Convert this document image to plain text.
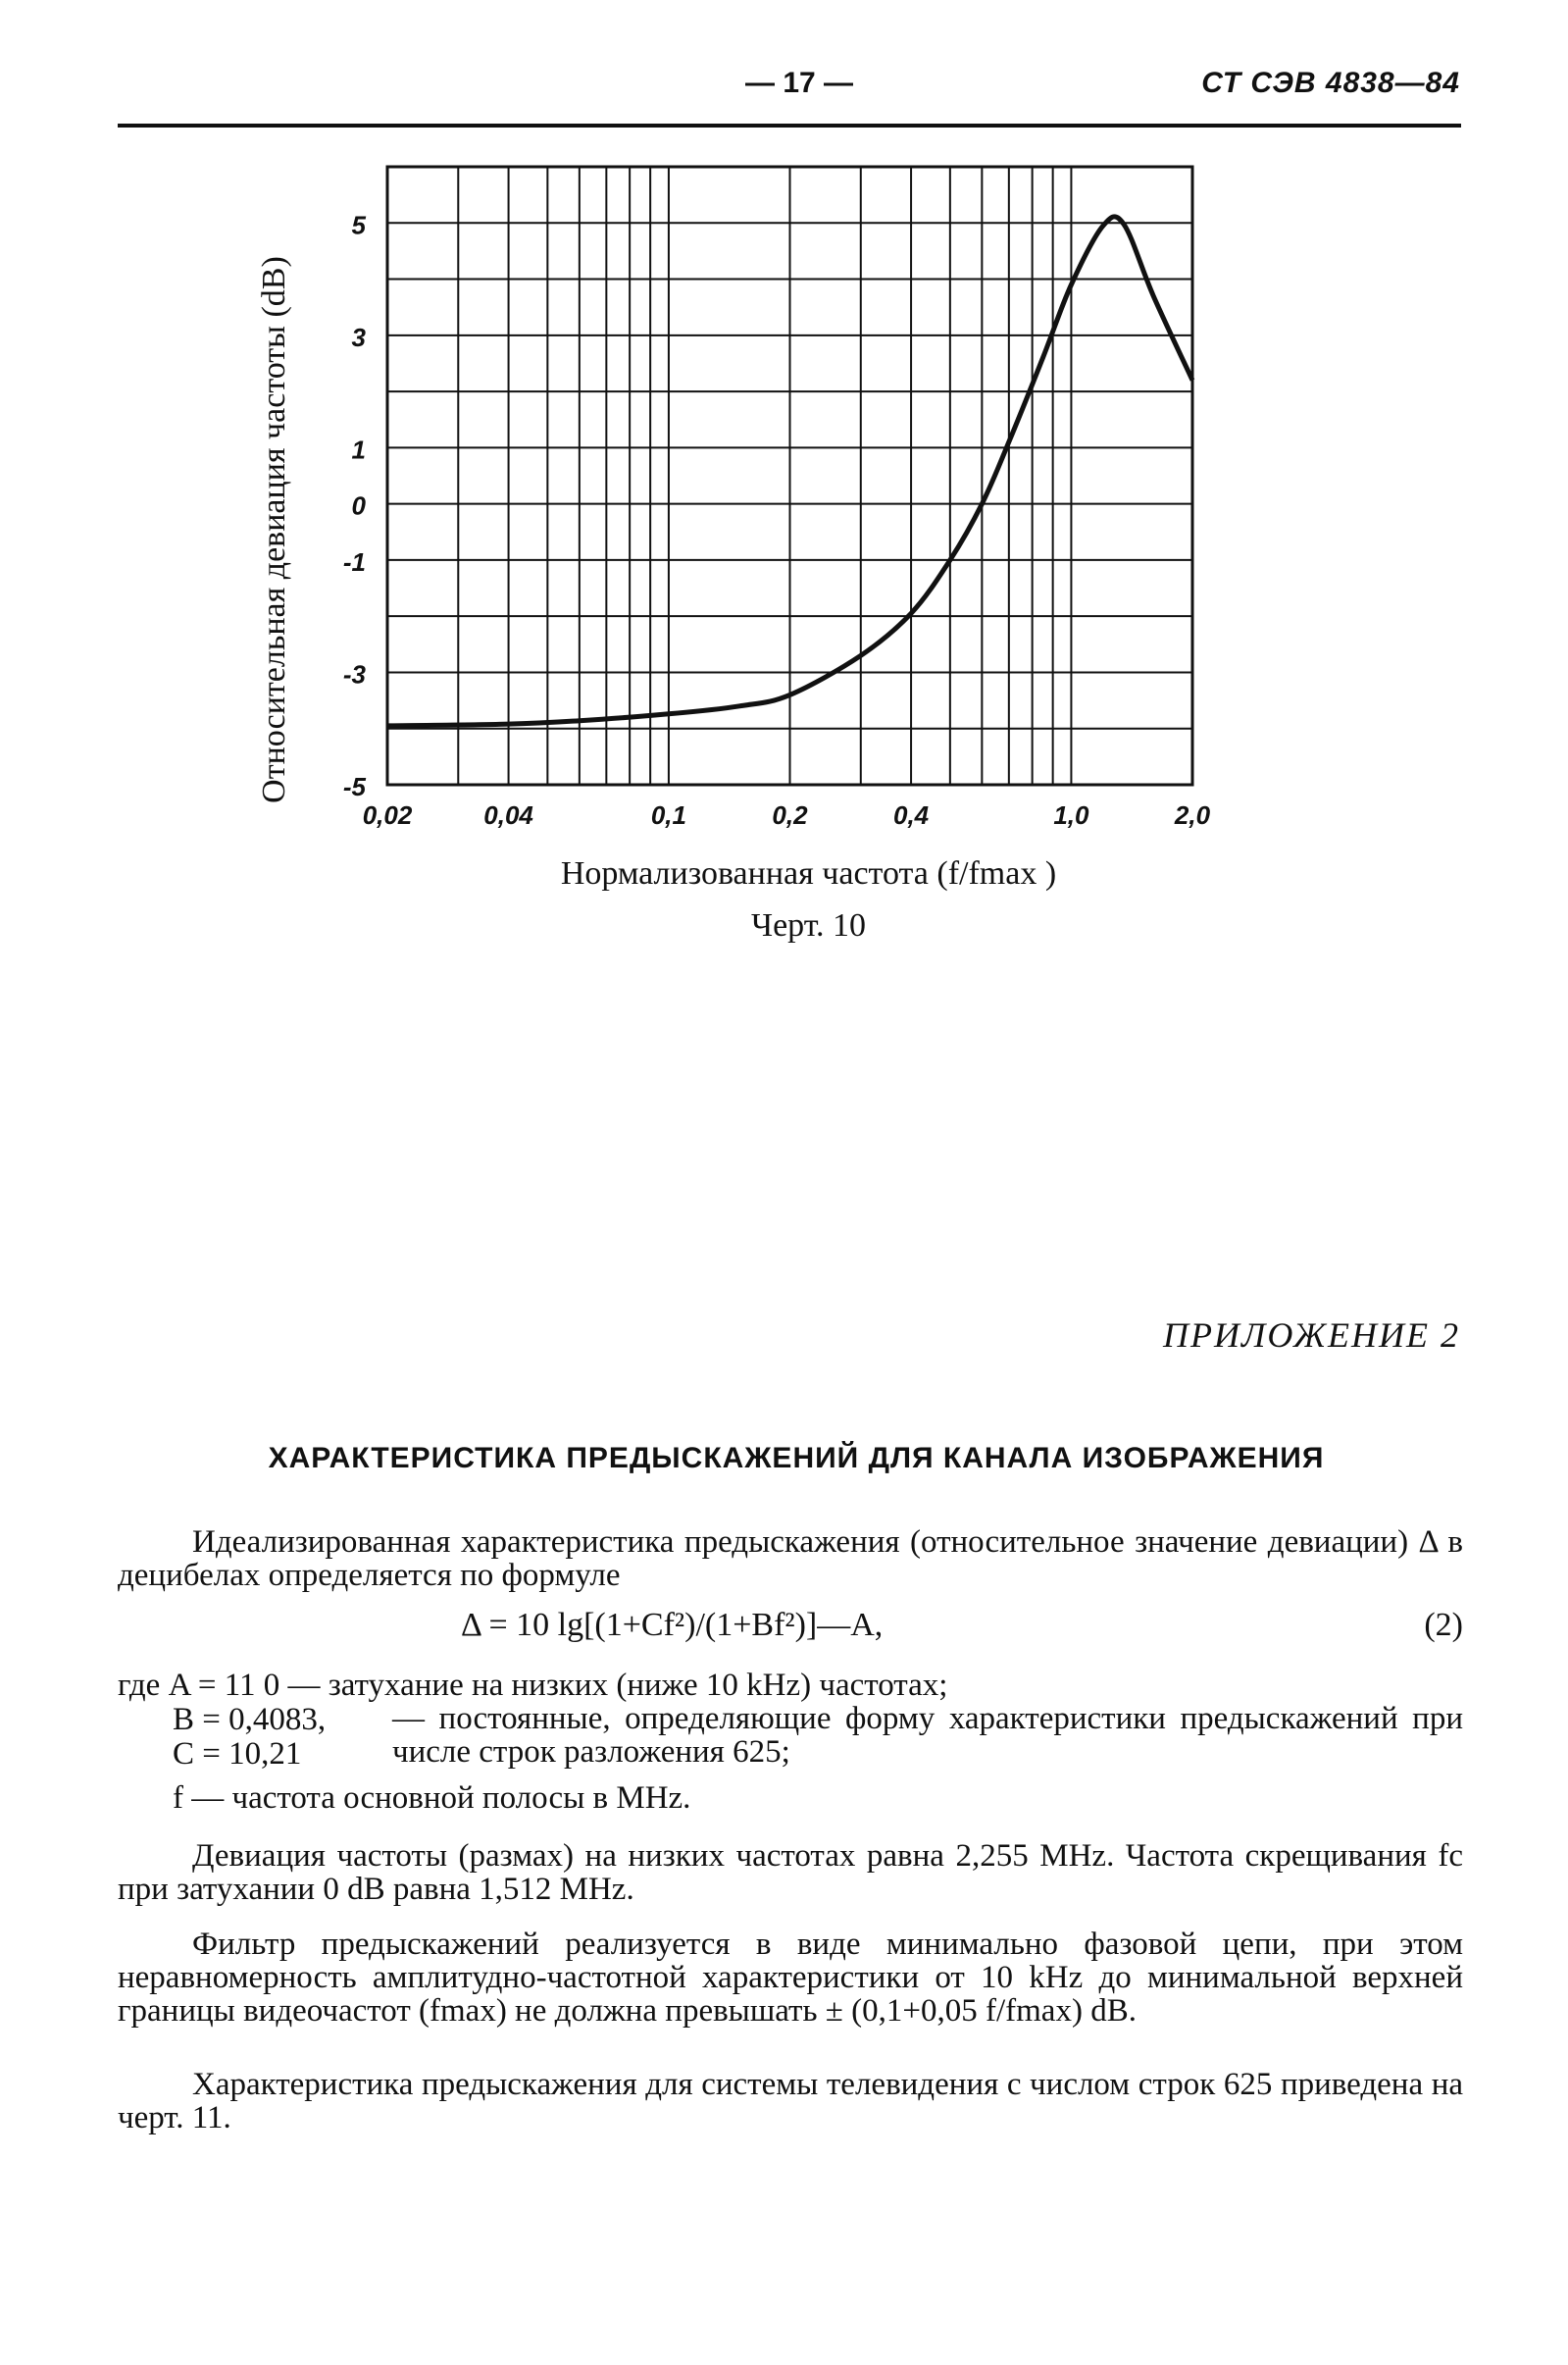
— 17 —	СТ СЭВ 4838—84
5
3
1
0
-1
-3
-5
0,02	0,04	0,1	0,2	0,4	1,0	2,0
Относительная девиация частоты (dB)
Нормализованная частота (f/fmax )
Черт. 10
ПРИЛОЖЕНИЕ 2
ХАРАКТЕРИСТИКА ПРЕДЫСКАЖЕНИЙ ДЛЯ КАНАЛА ИЗОБРАЖЕНИЯ

Идеализированная характеристика предыскажения (относительное значение девиации) Δ в децибелах определяется по формуле

Δ = 10 lg[(1+Cf²)/(1+Bf²)]—A,	(2)
где A = 11 0 — затухание на низких (ниже 10 kHz) частотах;
B = 0,4083,
C = 10,21
— постоянные, определяющие форму характеристики предыскажений при числе строк разложения 625;
f — частота основной полосы в MHz.

Девиация частоты (размах) на низких частотах равна 2,255 MHz. Частота скрещивания fc при затухании 0 dB равна 1,512 MHz.

Фильтр предыскажений реализуется в виде минимально фазовой цепи, при этом неравномерность амплитудно-частотной характеристики от 10 kHz до минимальной верхней границы видеочастот (fmax) не должна превышать ± (0,1+0,05 f/fmax) dB.

Характеристика предыскажения для системы телевидения с числом строк 625 приведена на черт. 11.
